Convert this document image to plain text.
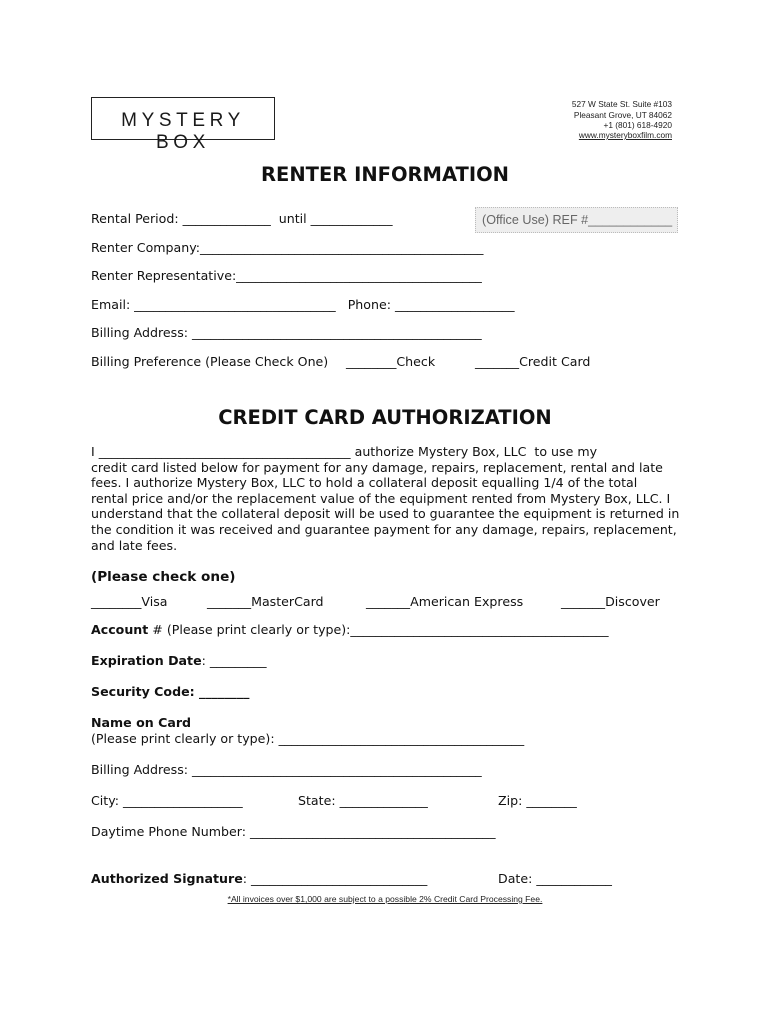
MYSTERY BOX
527 W State St. Suite #103
Pleasant Grove, UT 84062
+1 (801) 618-4920
www.mysteryboxfilm.com
RENTER INFORMATION
Rental Period: ______________  until _____________	(Office Use) REF #____________
Renter Company:_____________________________________________
Renter Representative:_______________________________________
Email: ________________________________   Phone: ___________________
Billing Address: ______________________________________________
Billing Preference (Please Check One) ________Check	_______Credit Card
CREDIT CARD AUTHORIZATION
I ________________________________________ authorize Mystery Box, LLC  to use my
credit card listed below for payment for any damage, repairs, replacement, rental and late
fees. I authorize Mystery Box, LLC to hold a collateral deposit equalling 1/4 of the total
rental price and/or the replacement value of the equipment rented from Mystery Box, LLC. I
understand that the collateral deposit will be used to guarantee the equipment is returned in
the condition it was received and guarantee payment for any damage, repairs, replacement,
and late fees.
(Please check one)
________Visa	_______MasterCard	_______American Express	_______Discover
Account # (Please print clearly or type):_________________________________________
Expiration Date: _________
Security Code: ________
Name on Card
(Please print clearly or type): _______________________________________
Billing Address: ______________________________________________
City: ___________________	State: ______________	Zip: ________
Daytime Phone Number: _______________________________________
Authorized Signature: ____________________________	Date: ____________
*All invoices over $1,000 are subject to a possible 2% Credit Card Processing Fee.
